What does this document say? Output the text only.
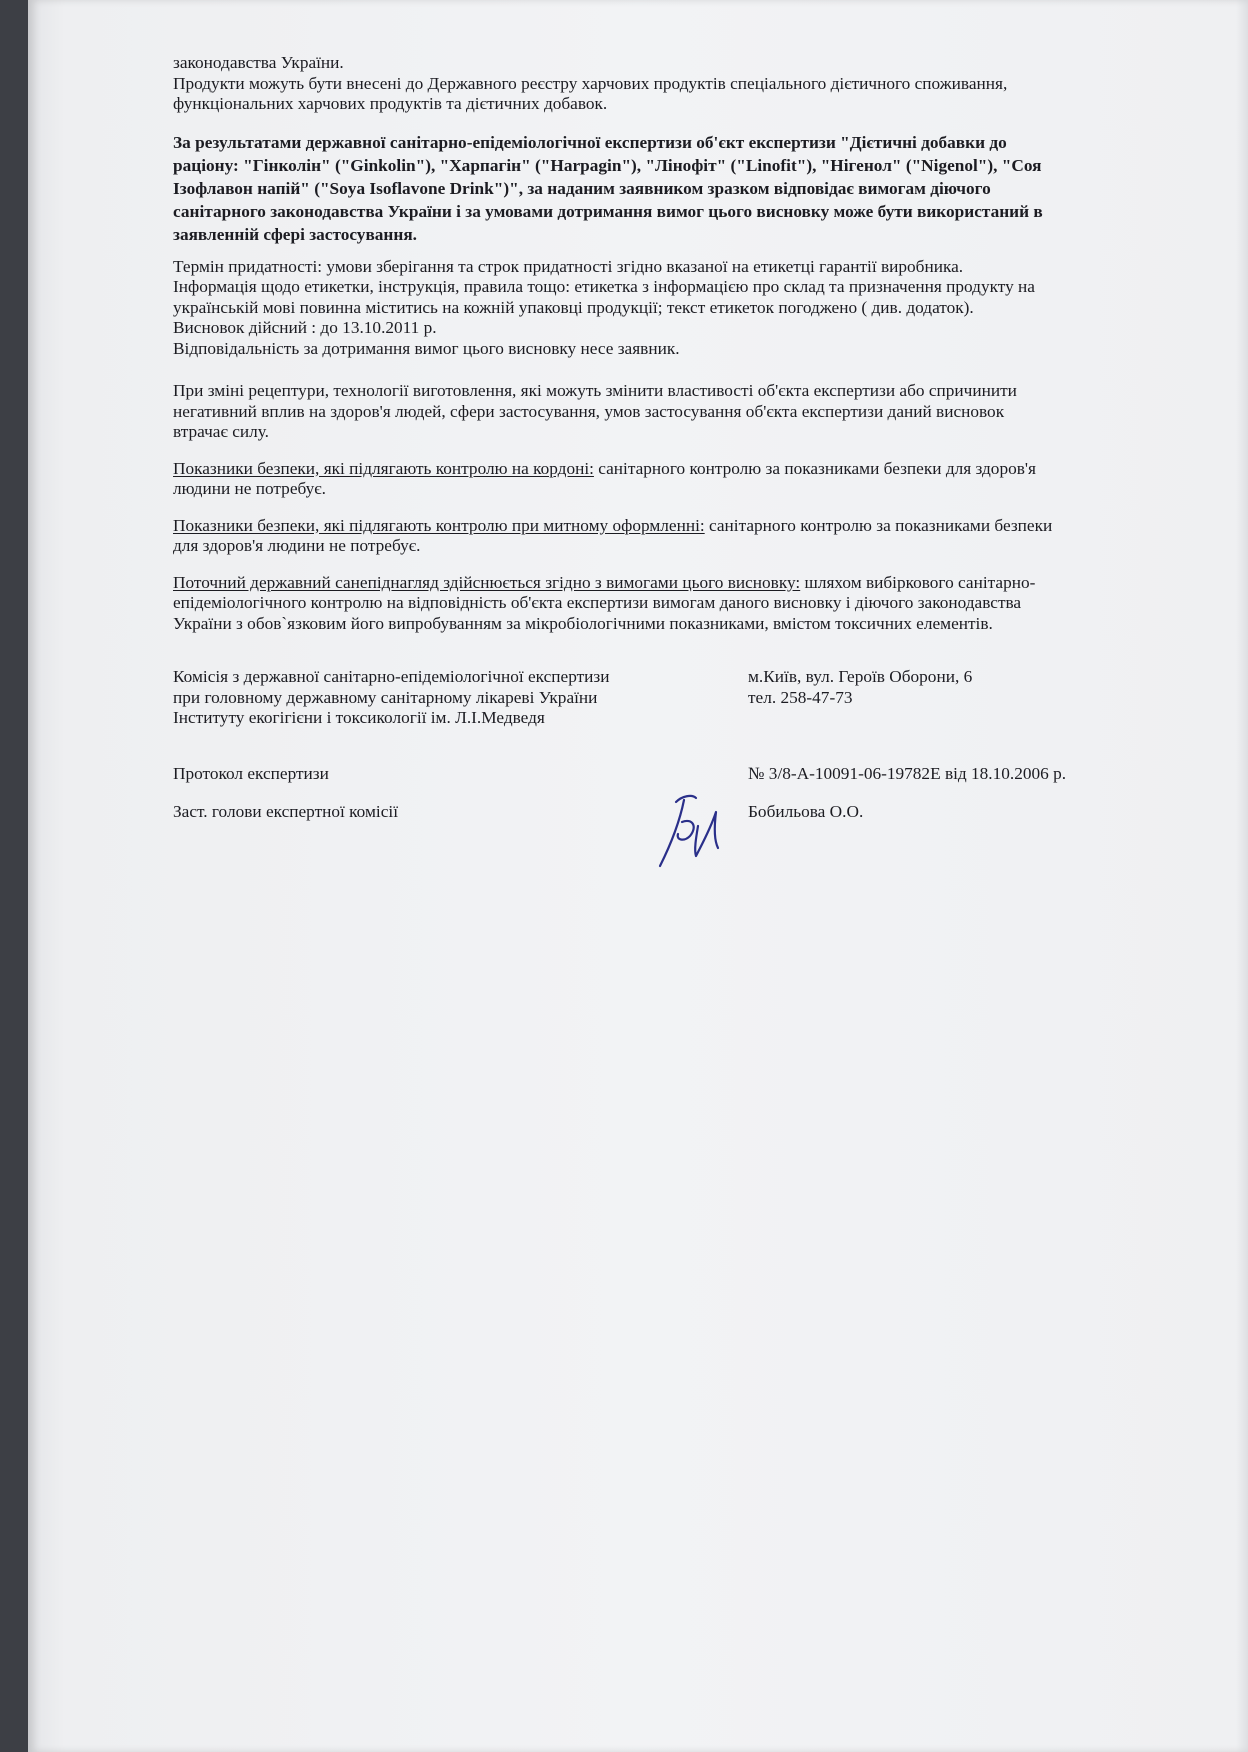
законодавства України.

Продукти можуть бути внесені до Державного реєстру харчових продуктів спеціального дієтичного споживання,

функціональних харчових продуктів та дієтичних добавок.

За результатами державної санітарно-епідеміологічної експертизи об'єкт експертизи "Дієтичні добавки до

раціону: "Гінколін" ("Ginkolin"), "Харпагін" ("Harpagin"), "Лінофіт" ("Linofit"), "Нігенол" ("Nigenol"), "Соя

Ізофлавон напій" ("Soya Isoflavone Drink")", за наданим заявником зразком відповідає вимогам діючого

санітарного законодавства України і за умовами дотримання вимог цього висновку може бути використаний в

заявленній сфері застосування.

Термін придатності: умови зберігання та строк придатності згідно вказаної на етикетці гарантії виробника.

Інформація щодо етикетки, інструкція, правила тощо: етикетка з інформацією про склад та призначення продукту на

українській мові повинна міститись на кожній упаковці продукції; текст етикеток погоджено ( див. додаток).

Висновок дійсний : до 13.10.2011 р.

Відповідальність за дотримання вимог цього висновку несе заявник.

При зміні рецептури, технології виготовлення, які можуть змінити властивості об'єкта експертизи або спричинити

негативний вплив на здоров'я людей, сфери застосування, умов застосування об'єкта експертизи даний висновок

втрачає силу.

Показники безпеки, які підлягають контролю на кордоні: санітарного контролю за показниками безпеки для здоров'я

людини не потребує.

Показники безпеки, які підлягають контролю при митному оформленні: санітарного контролю за показниками безпеки

для здоров'я людини не потребує.

Поточний державний санепіднагляд здійснюється згідно з вимогами цього висновку: шляхом вибіркового санітарно-

епідеміологічного контролю на відповідність об'єкта експертизи вимогам даного висновку і діючого законодавства

України з обов`язковим його випробуванням за мікробіологічними показниками, вмістом токсичних елементів.

Комісія з державної санітарно-епідеміологічної експертизи	м.Київ, вул. Героїв Оборони, 6
при головному державному санітарному лікареві України	тел. 258-47-73
Інституту екогігієни і токсикології ім. Л.І.Медведя
Протокол експертизи	№ 3/8-А-10091-06-19782Е від 18.10.2006 р.
Заст. голови експертної комісії	Бобильова О.О.
